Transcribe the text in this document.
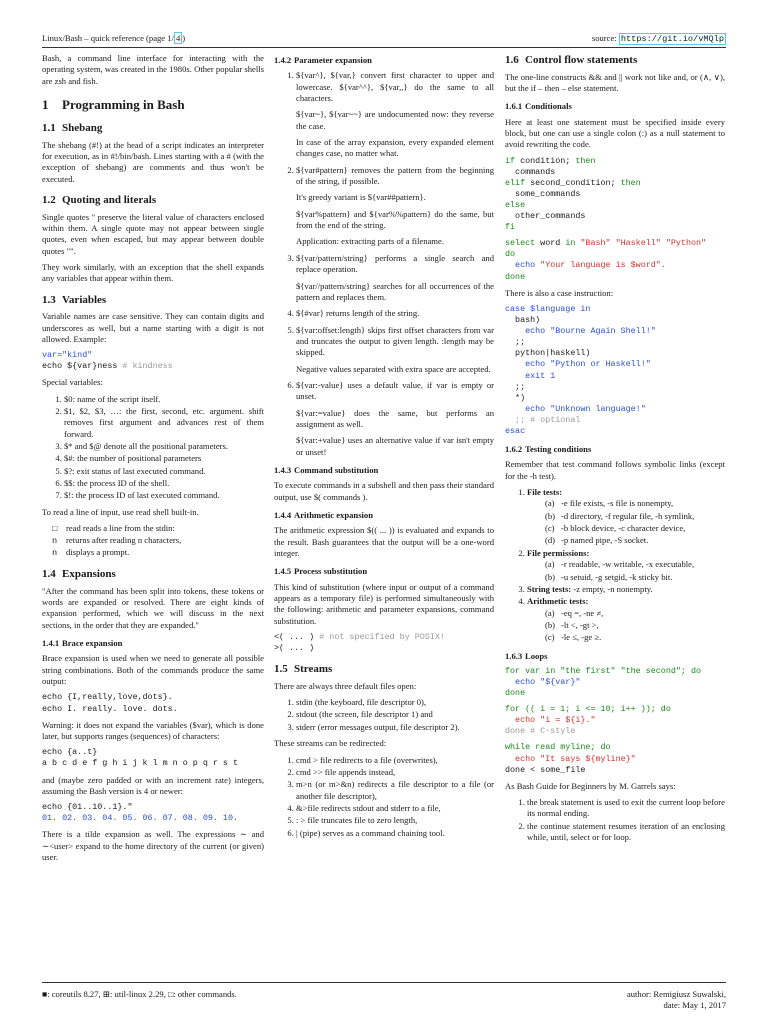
Linux/Bash – quick reference (page 1/ 4 )	source: https://git.io/vMQlp

Bash, a command line interface for interacting with the operating system, was created in the 1980s. Other popular shells are zsh and fish.

1 Programming in Bash
1.1 Shebang

The shebang (#!) at the head of a script indicates an interpreter for execution, as in #!/bin/bash. Lines starting with a # (with the exception of shebang) are comments and thus won't be executed.

1.2 Quoting and literals

Single quotes '' preserve the literal value of characters enclosed within them. A single quote may not appear between single quotes, even when escaped, but may appear between double quotes "".

They work similarly, with an exception that the shell expands any variables that appear within them.

1.3 Variables

Variable names are case sensitive. They can contain digits and underscores as well, but a name starting with a digit is not allowed. Example:

var="kind"
echo ${var}ness # kindness

Special variables:

1. $0: name of the script itself.
2. $1, $2, $3, …: the first, second, etc. argument. shift removes first argument and advances rest of them forward.
3. $* and $@ denote all the positional parameters.
4. $#: the number of positional parameters
5. $?: exit status of last executed command.
6. $$: the process ID of the shell.
7. $!: the process ID of last executed command.

To read a line of input, use read shell built-in.

□ read reads a line from the stdin:
n returns after reading n characters,
n displays a prompt.
1.4 Expansions

"After the command has been split into tokens, these tokens or words are expanded or resolved. There are eight kinds of expansion performed, which we will discuss in the next sections, in the order that they are expanded."

1.4.1 Brace expansion

Brace expansion is used when we need to generate all possible string combinations. Both of the commands produce the same output:

echo {I,really,love,dots}.
echo I. really. love. dots.

Warning: it does not expand the variables ($var), which is done later, but supports ranges (sequences) of characters:

echo {a..t}
a b c d e f g h i j k l m n o p q r s t

and (maybe zero padded or with an increment rate) integers, assuming the Bash version is 4 or newer:

echo {01..10..1}."
01. 02. 03. 04. 05. 06. 07. 08. 09. 10.

There is a tilde expansion as well. The expressions ∼ and ∼<user> expand to the home directory of the current (or given) user.

1.4.2 Parameter expansion

1. ${var^}, ${var,} convert first character to upper and lowercase. ${var^^}, ${var,,} do the same to all characters.

${var~}, ${var~~} are undocumented now: they reverse the case.

In case of the array expansion, every expanded element changes case, no matter what.

2. ${var#pattern} removes the pattern from the beginning of the string, if possible.

It's greedy variant is ${var##pattern}.

${var%pattern} and ${var%%pattern} do the same, but from the end of the string.

Application: extracting parts of a filename.

3. ${var/pattern/string} performs a single search and replace operation.

${var//pattern/string} searches for all occurrences of the pattern and replaces them.

4. ${#var} returns length of the string.

5. ${var:offset:length} skips first offset characters from var and truncates the output to given length. :length may be skipped.

Negative values separated with extra space are accepted.

6. ${var:-value} uses a default value, if var is empty or unset.

${var:=value} does the same, but performs an assignment as well.

${var:+value} uses an alternative value if var isn't empty or unset!

1.4.3 Command substitution

To execute commands in a subshell and then pass their standard output, use $( commands ).

1.4.4 Arithmetic expansion

The arithmetic expression $(( ... )) is evaluated and expands to the result. Bash guarantees that the output will be a one-word integer.

1.4.5 Process substitution

This kind of substitution (where input or output of a command appears as a temporary file) is performed simultaneously with the following: arithmetic and parameter expansions, command substitution.

<( ... ) # not specified by POSIX!
>( ... )
1.5 Streams

There are always three default files open:

1. stdin (the keyboard, file descriptor 0),
2. stdout (the screen, file descriptor 1) and
3. stderr (error messages output, file descriptor 2).

These streams can be redirected:

1. cmd > file redirects to a file (overwrites),
2. cmd >> file appends instead,
3. m>n (or m>&n) redirects a file descriptor to a file (or another file descriptor),
4. &>file redirects stdout and stderr to a file,
5. : > file truncates file to zero length,
6. | (pipe) serves as a command chaining tool.
1.6 Control flow statements

The one-line constructs && and || work not like and, or (∧, ∨), but the if – then – else statement.

1.6.1 Conditionals

Here at least one statement must be specified inside every block, but one can use a single colon (:) as a null statement to avoid rewriting the code.

if condition; then
commands
elif second_condition; then
some_commands
else
other_commands
fi
select word in "Bash" "Haskell" "Python"
do
echo "Your language is $word".
done

There is also a case instruction:

case $language in
bash)
echo "Bourne Again Shell!"
;;
python|haskell)
echo "Python or Haskell!"
exit 1
;;
*)
echo "Unknown language!"
;; # optional
esac
1.6.2 Testing conditions

Remember that test command follows symbolic links (except for the -h test).

1. File tests:
(a) -e file exists, -s file is nonempty,
(b) -d directory, -f regular file, -h symlink,
(c) -b block device, -c character device,
(d) -p named pipe, -S socket.
2. File permissions:
(a) -r readable, -w writable, -x executable,
(b) -u setuid, -g setgid, -k sticky bit.
3. String tests: -z empty, -n nonempty.
4. Arithmetic tests:
(a) -eq =, -ne ≠,
(b) -lt <, -gt >,
(c) -le ≤, -ge ≥.
1.6.3 Loops
for var in "the first" "the second"; do
echo "${var}"
done
for (( i = 1; i <= 10; i++ )); do
echo "i = ${i}."
done # C-style
while read myline; do
echo "It says ${myline}"
done < some_file

As Bash Guide for Beginners by M. Garrels says:

1. the break statement is used to exit the current loop before its normal ending.
2. the continue statement resumes iteration of an enclosing while, until, select or for loop.
■: coreutils 8.27, ⊞: util-linux 2.29, □: other commands.	author: Remigiusz Suwalski,
date: May 1, 2017
